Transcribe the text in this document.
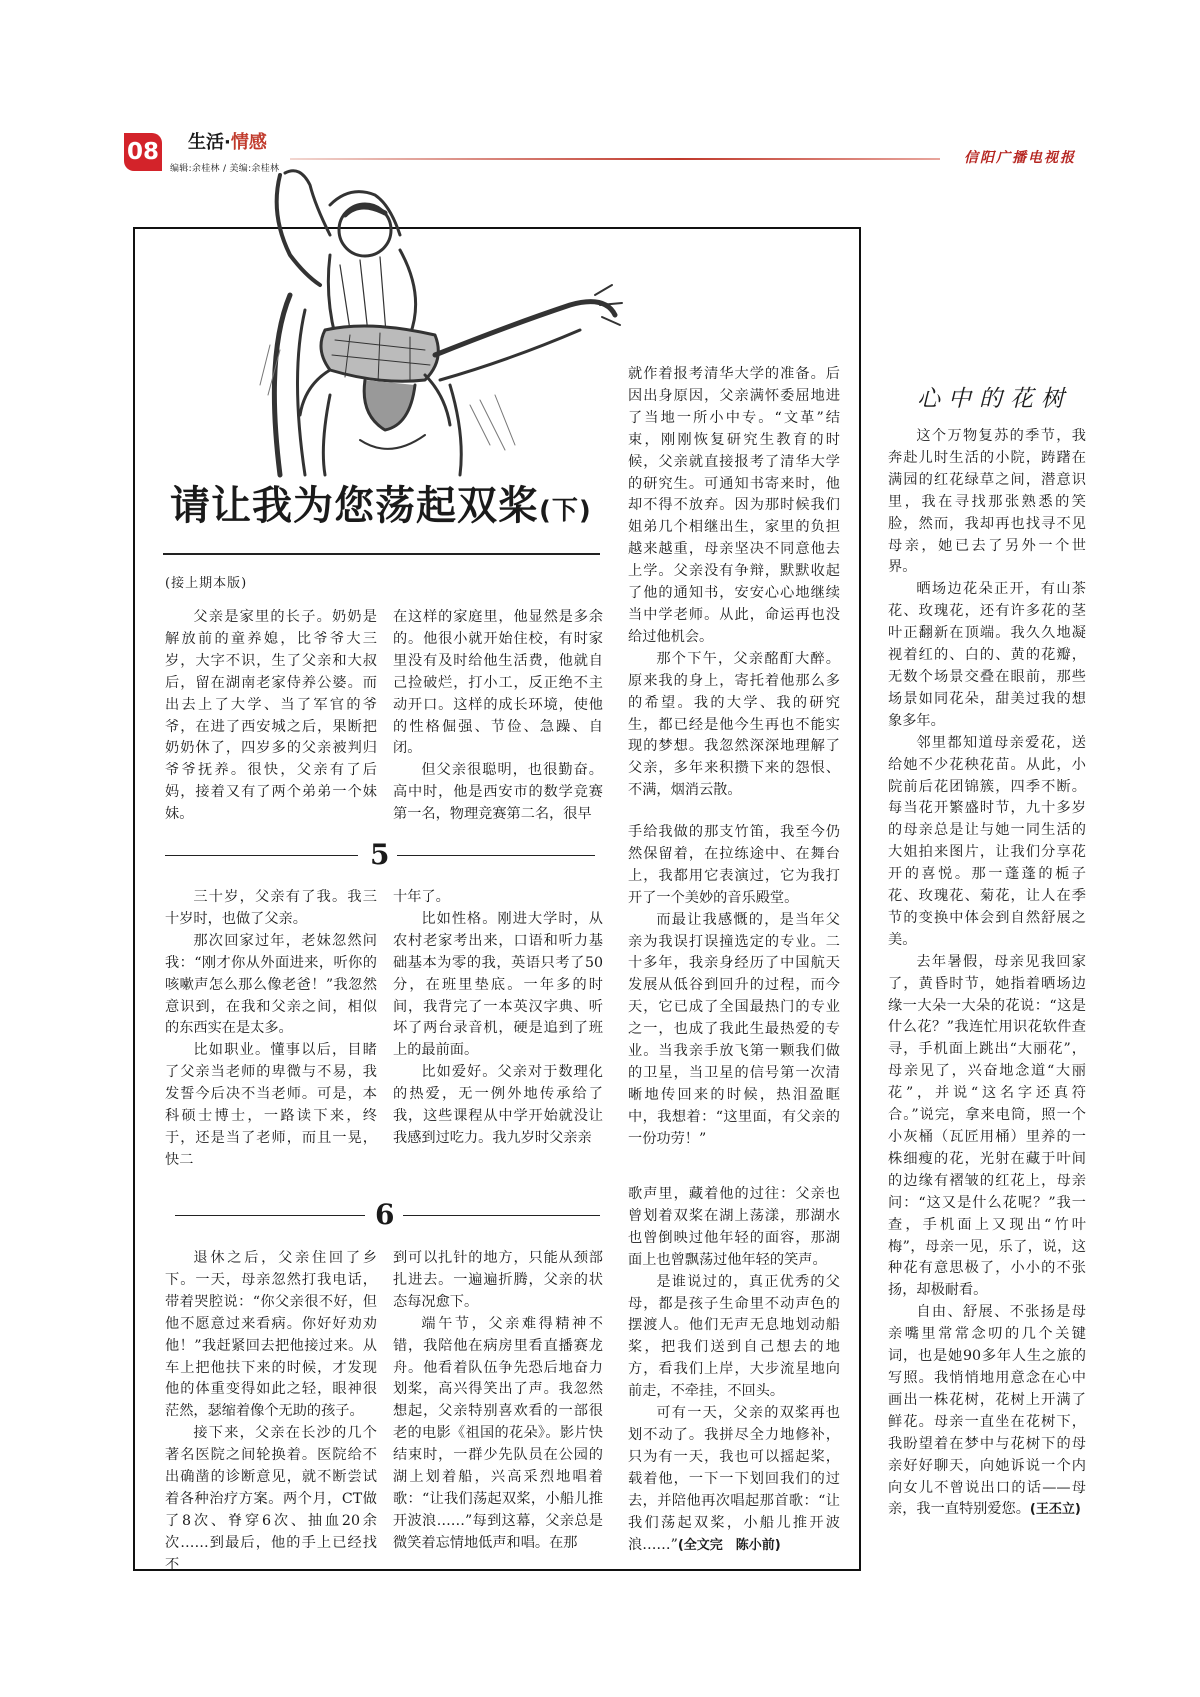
08 生活·情感
编辑:余桂林 / 美编:余桂林
信阳广播电视报
请让我为您荡起双桨(下)
(接上期本版)

父亲是家里的长子。奶奶是解放前的童养媳，比爷爷大三岁，大字不识，生了父亲和大叔后，留在湖南老家侍养公婆。而出去上了大学、当了军官的爷爷，在进了西安城之后，果断把奶奶休了，四岁多的父亲被判归爷爷抚养。很快，父亲有了后妈，接着又有了两个弟弟一个妹妹。

在这样的家庭里，他显然是多余的。他很小就开始住校，有时家里没有及时给他生活费，他就自己捡破烂，打小工，反正绝不主动开口。这样的成长环境，使他的性格倔强、节俭、急躁、自闭。

但父亲很聪明，也很勤奋。高中时，他是西安市的数学竞赛第一名，物理竞赛第二名，很早

就作着报考清华大学的准备。后因出身原因，父亲满怀委屈地进了当地一所小中专。“文革”结束，刚刚恢复研究生教育的时候，父亲就直接报考了清华大学的研究生。可通知书寄来时，他却不得不放弃。因为那时候我们姐弟几个相继出生，家里的负担越来越重，母亲坚决不同意他去上学。父亲没有争辩，默默收起了他的通知书，安安心心地继续当中学老师。从此，命运再也没给过他机会。

那个下午，父亲酩酊大醉。原来我的身上，寄托着他那么多的希望。我的大学、我的研究生，都已经是他今生再也不能实现的梦想。我忽然深深地理解了父亲，多年来积攒下来的怨恨、不满，烟消云散。

5

三十岁，父亲有了我。我三十岁时，也做了父亲。

那次回家过年，老妹忽然问我：“刚才你从外面进来，听你的咳嗽声怎么那么像老爸！”我忽然意识到，在我和父亲之间，相似的东西实在是太多。

比如职业。懂事以后，目睹了父亲当老师的卑微与不易，我发誓今后决不当老师。可是，本科硕士博士，一路读下来，终于，还是当了老师，而且一晃，快二

十年了。

比如性格。刚进大学时，从农村老家考出来，口语和听力基础基本为零的我，英语只考了50分，在班里垫底。一年多的时间，我背完了一本英汉字典、听坏了两台录音机，硬是追到了班上的最前面。

比如爱好。父亲对于数理化的热爱，无一例外地传承给了我，这些课程从中学开始就没让我感到过吃力。我九岁时父亲亲

手给我做的那支竹笛，我至今仍然保留着，在拉练途中、在舞台上，我都用它表演过，它为我打开了一个美妙的音乐殿堂。

而最让我感慨的，是当年父亲为我误打误撞选定的专业。二十多年，我亲身经历了中国航天发展从低谷到回升的过程，而今天，它已成了全国最热门的专业之一，也成了我此生最热爱的专业。当我亲手放飞第一颗我们做的卫星，当卫星的信号第一次清晰地传回来的时候，热泪盈眶中，我想着：“这里面，有父亲的一份功劳！”

6

退休之后，父亲住回了乡下。一天，母亲忽然打我电话，带着哭腔说：“你父亲很不好，但他不愿意过来看病。你好好劝劝他！”我赶紧回去把他接过来。从车上把他扶下来的时候，才发现他的体重变得如此之轻，眼神很茫然，瑟缩着像个无助的孩子。

接下来，父亲在长沙的几个著名医院之间轮换着。医院给不出确凿的诊断意见，就不断尝试着各种治疗方案。两个月，CT做了8次、脊穿6次、抽血20余次……到最后，他的手上已经找不

到可以扎针的地方，只能从颈部扎进去。一遍遍折腾，父亲的状态每况愈下。

端午节，父亲难得精神不错，我陪他在病房里看直播赛龙舟。他看着队伍争先恐后地奋力划桨，高兴得笑出了声。我忽然想起，父亲特别喜欢看的一部很老的电影《祖国的花朵》。影片快结束时，一群少先队员在公园的湖上划着船，兴高采烈地唱着歌：“让我们荡起双桨，小船儿推开波浪……”每到这幕，父亲总是微笑着忘情地低声和唱。在那

歌声里，藏着他的过往：父亲也曾划着双桨在湖上荡漾，那湖水也曾倒映过他年轻的面容，那湖面上也曾飘荡过他年轻的笑声。

是谁说过的，真正优秀的父母，都是孩子生命里不动声色的摆渡人。他们无声无息地划动船桨，把我们送到自己想去的地方，看我们上岸，大步流星地向前走，不牵挂，不回头。

可有一天，父亲的双桨再也划不动了。我拼尽全力地修补，只为有一天，我也可以摇起桨，载着他，一下一下划回我们的过去，并陪他再次唱起那首歌：“让我们荡起双桨，小船儿推开波浪……”(全文完　陈小前)

心中的花树

这个万物复苏的季节，我奔赴儿时生活的小院，踌躇在满园的红花绿草之间，潜意识里，我在寻找那张熟悉的笑脸，然而，我却再也找寻不见母亲，她已去了另外一个世界。

晒场边花朵正开，有山茶花、玫瑰花，还有许多花的茎叶正翻新在顶端。我久久地凝视着红的、白的、黄的花瓣，无数个场景交叠在眼前，那些场景如同花朵，甜美过我的想象多年。

邻里都知道母亲爱花，送给她不少花秧花苗。从此，小院前后花团锦簇，四季不断。每当花开繁盛时节，九十多岁的母亲总是让与她一同生活的大姐拍来图片，让我们分享花开的喜悦。那一蓬蓬的栀子花、玫瑰花、菊花，让人在季节的变换中体会到自然舒展之美。

去年暑假，母亲见我回家了，黄昏时节，她指着晒场边缘一大朵一大朵的花说：“这是什么花？”我连忙用识花软件查寻，手机面上跳出“大丽花”，母亲见了，兴奋地念道“大丽花”，并说“这名字还真符合。”说完，拿来电筒，照一个小灰桶（瓦匠用桶）里养的一株细瘦的花，光射在藏于叶间的边缘有褶皱的红花上，母亲问：“这又是什么花呢？”我一查，手机面上又现出“竹叶梅”，母亲一见，乐了，说，这种花有意思极了，小小的不张扬，却极耐看。

自由、舒展、不张扬是母亲嘴里常常念叨的几个关键词，也是她90多年人生之旅的写照。我悄悄地用意念在心中画出一株花树，花树上开满了鲜花。母亲一直坐在花树下，我盼望着在梦中与花树下的母亲好好聊天，向她诉说一个内向女儿不曾说出口的话——母亲，我一直特别爱您。(王丕立)
